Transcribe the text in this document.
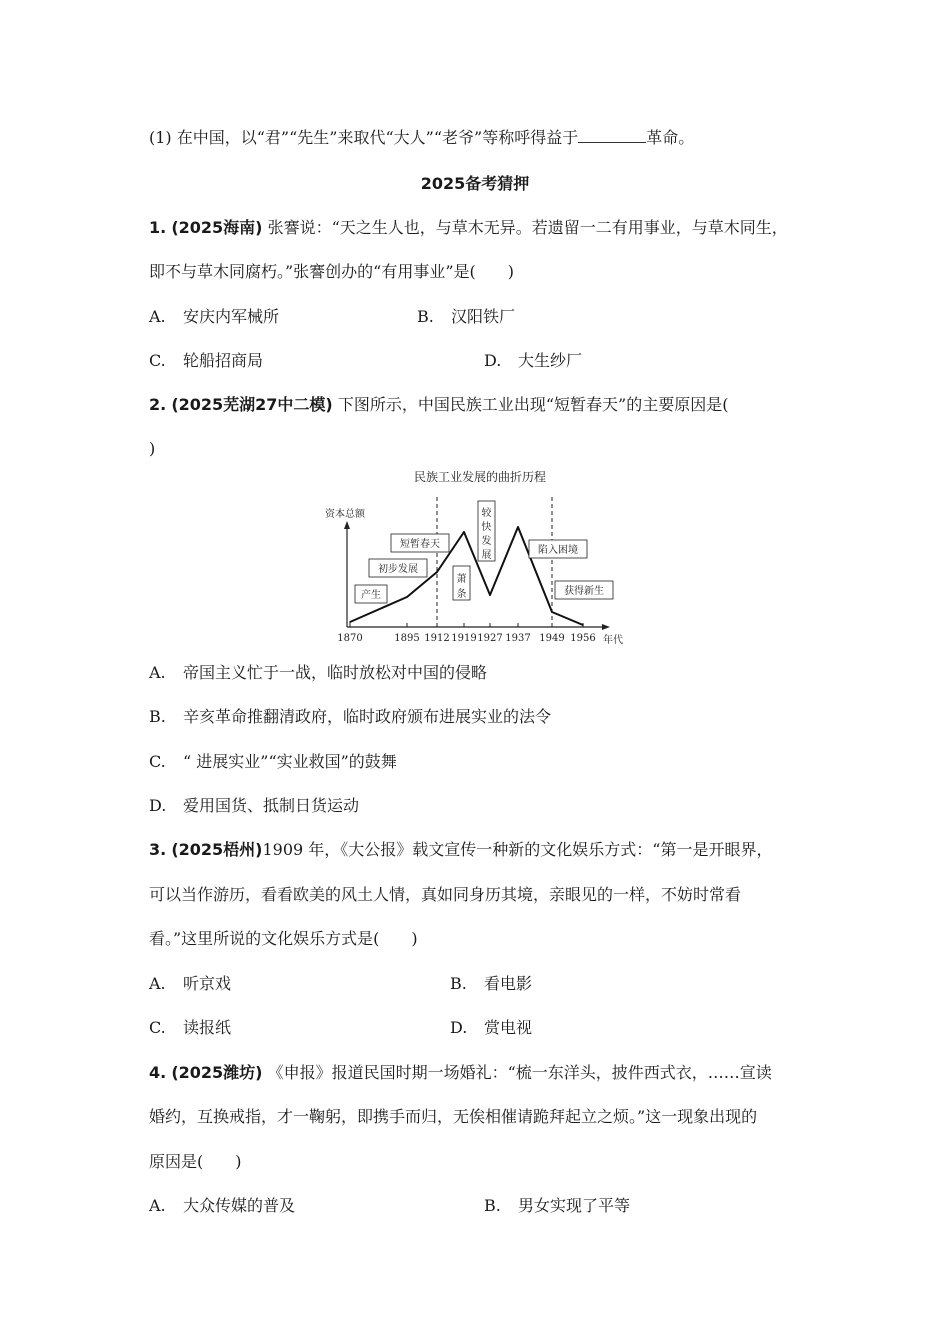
(1) 在中国，以“君”“先生”来取代“大人”“老爷”等称呼得益于	革命。
2025备考猜押
1. (2025海南) 张謇说：“天之生人也，与草木无异。若遗留一二有用事业，与草木同生，
即不与草木同腐朽。”张謇创办的“有用事业”是(　　)
A. 安庆内军械所	B. 汉阳铁厂
C. 轮船招商局	D. 大生纱厂
2. (2025芜湖27中二模) 下图所示，中国民族工业出现“短暂春天”的主要原因是(
)
民族工业发展的曲折历程
资本总额
年代
1870	1895 1912 1919 1927 1937 1949 1956
产生
初步发展
短暂春天
萧
条
较
快
发
展	陷入困境
获得新生
A. 帝国主义忙于一战，临时放松对中国的侵略
B. 辛亥革命推翻清政府，临时政府颁布进展实业的法令
C. “ 进展实业”“实业救国”的鼓舞
D. 爱用国货、抵制日货运动
3. (2025梧州)1909 年，《大公报》载文宣传一种新的文化娱乐方式：“第一是开眼界，
可以当作游历，看看欧美的风土人情，真如同身历其境，亲眼见的一样，不妨时常看
看。”这里所说的文化娱乐方式是(　　)
A. 听京戏	B. 看电影
C. 读报纸	D. 赏电视
4. (2025潍坊) 《申报》报道民国时期一场婚礼：“梳一东洋头，披件西式衣，……宣读
婚约，互换戒指，才一鞠躬，即携手而归，无俟相催请跪拜起立之烦。”这一现象出现的
原因是(　　)
A. 大众传媒的普及	B. 男女实现了平等
